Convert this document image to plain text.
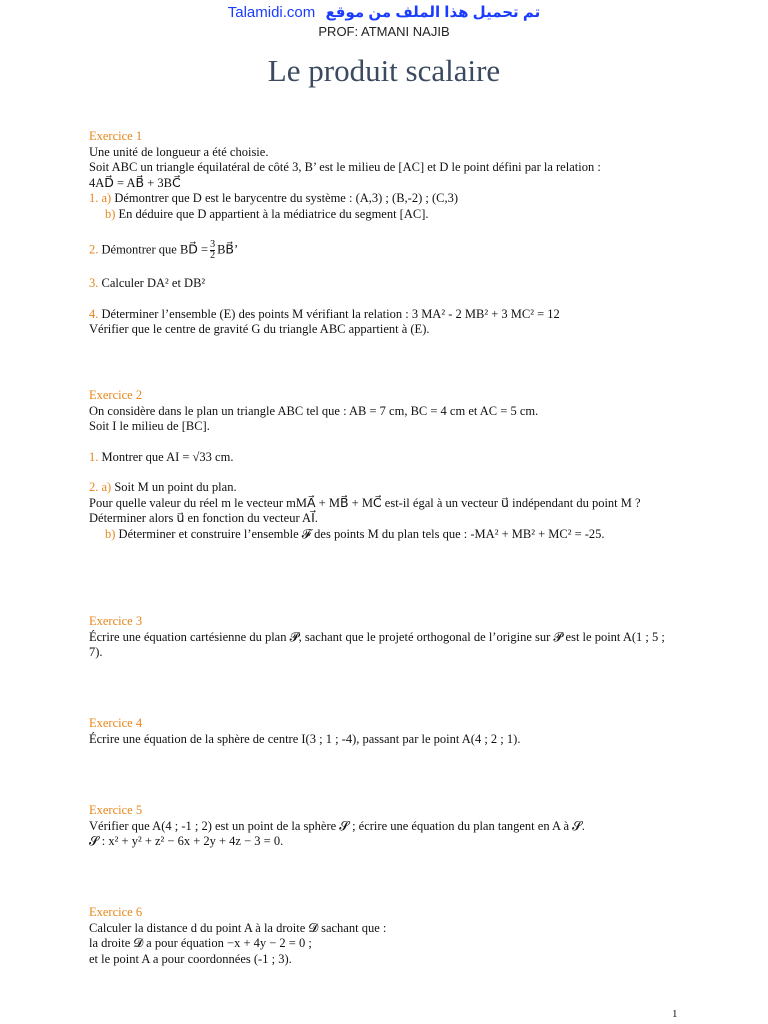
Talamidi.com تم تحميل هذا الملف من موقع
PROF: ATMANI NAJIB
Le produit scalaire
Exercice 1
Une unité de longueur a été choisie.
Soit ABC un triangle équilatéral de côté 3, B’ est le milieu de [AC] et D le point défini par la relation :
4AD⃗ = AB⃗ + 3BC⃗
1. a) Démontrer que D est le barycentre du système : (A,3) ; (B,-2) ; (C,3)
b) En déduire que D appartient à la médiatrice du segment [AC].
2. Démontrer que BD⃗ = $\frac{3}{2}$ BB⃗’
3. Calculer DA² et DB²
4. Déterminer l’ensemble (E) des points M vérifiant la relation : 3 MA² - 2 MB² + 3 MC² = 12
Vérifier que le centre de gravité G du triangle ABC appartient à (E).
Exercice 2
On considère dans le plan un triangle ABC tel que : AB = 7 cm, BC = 4 cm et AC = 5 cm.
Soit I le milieu de [BC].
1. Montrer que AI = √33 cm.
2. a) Soit M un point du plan.
Pour quelle valeur du réel m le vecteur mMA⃗ + MB⃗ + MC⃗ est-il égal à un vecteur u⃗ indépendant du point M ?
Déterminer alors u⃗ en fonction du vecteur AI⃗.
b) Déterminer et construire l’ensemble 𝓕 des points M du plan tels que : -MA² + MB² + MC² = -25.
Exercice 3
Écrire une équation cartésienne du plan 𝓟, sachant que le projeté orthogonal de l’origine sur 𝓟 est le point A(1 ; 5 ; 7).
Exercice 4
Écrire une équation de la sphère de centre I(3 ; 1 ; -4), passant par le point A(4 ; 2 ; 1).
Exercice 5
Vérifier que A(4 ; -1 ; 2) est un point de la sphère 𝓢 ; écrire une équation du plan tangent en A à 𝓢.
𝓢 : x² + y² + z² − 6x + 2y + 4z − 3 = 0.
Exercice 6
Calculer la distance d du point A à la droite 𝓓 sachant que :
la droite 𝓓 a pour équation −x + 4y − 2 = 0 ;
et le point A a pour coordonnées (-1 ; 3).
1
